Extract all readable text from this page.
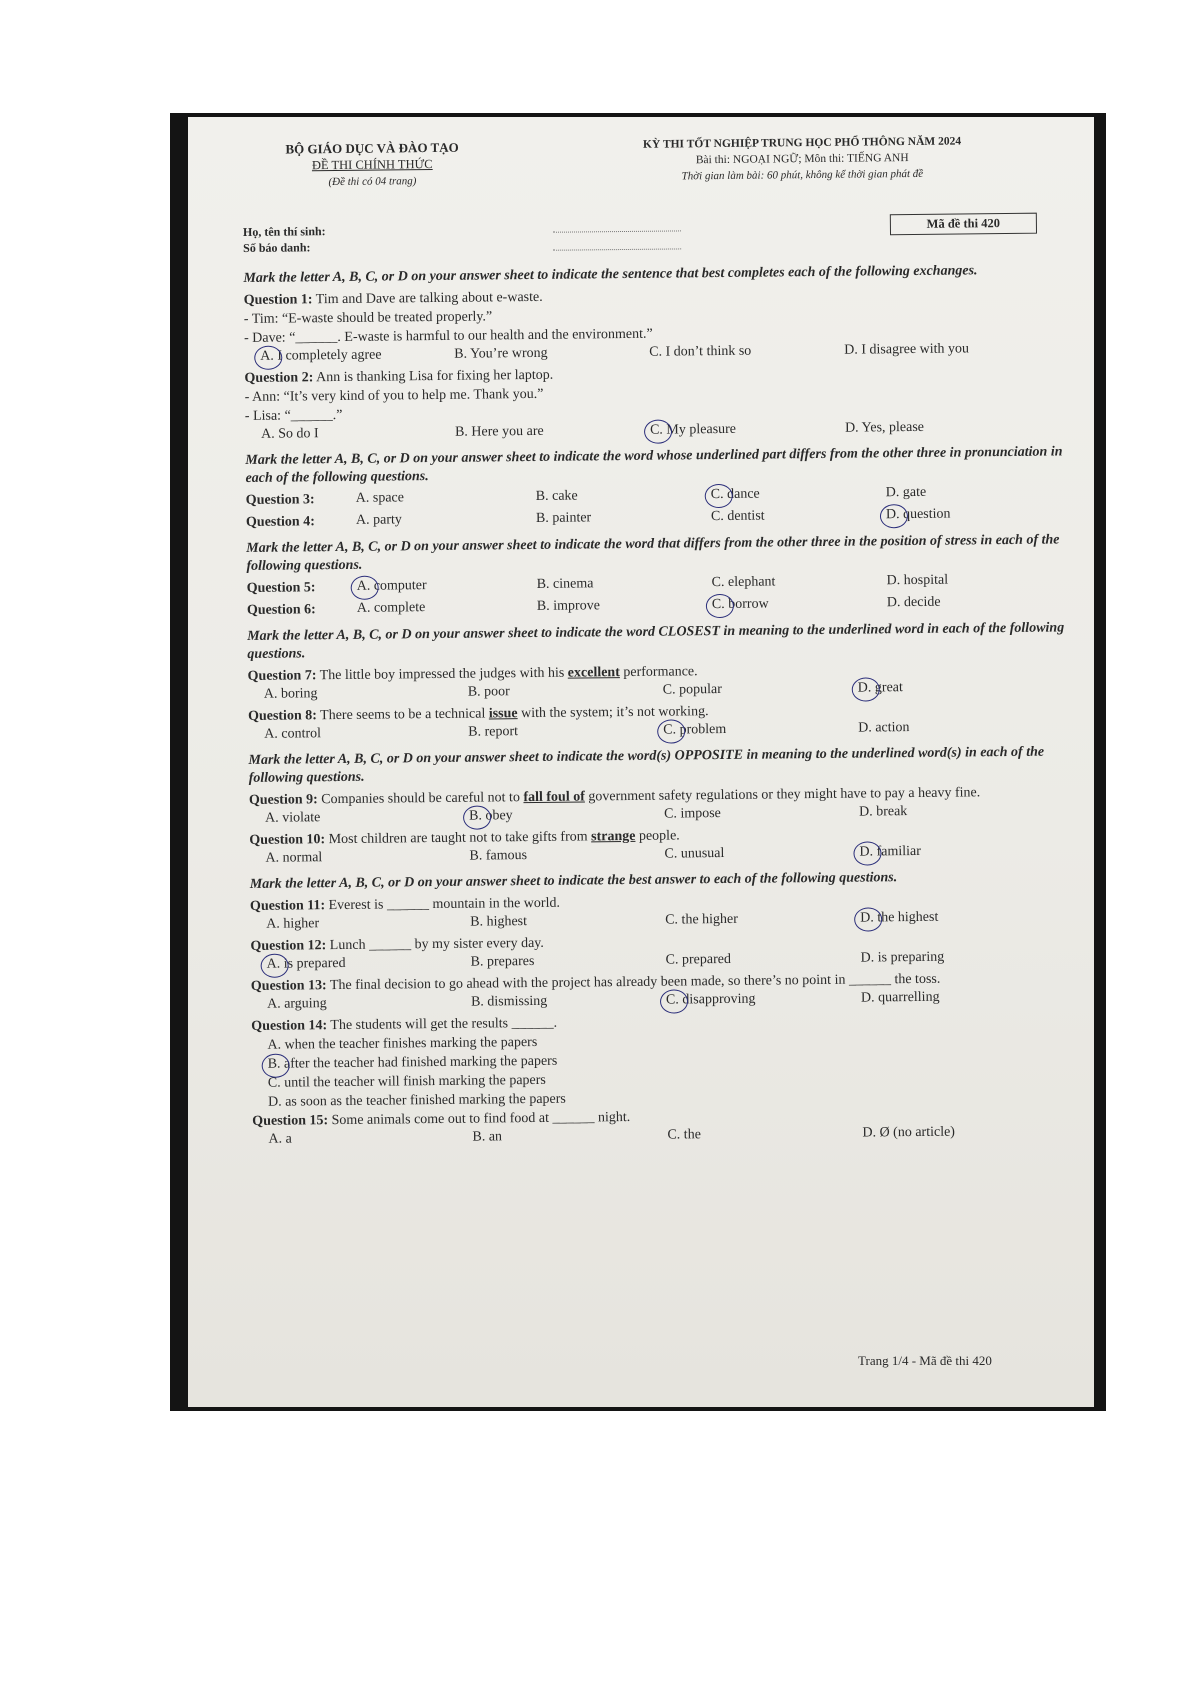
BỘ GIÁO DỤC VÀ ĐÀO TẠO
ĐỀ THI CHÍNH THỨC
(Đề thi có 04 trang)
KỲ THI TỐT NGHIỆP TRUNG HỌC PHỔ THÔNG NĂM 2024
Bài thi: NGOẠI NGỮ; Môn thi: TIẾNG ANH
Thời gian làm bài: 60 phút, không kể thời gian phát đề
Họ, tên thí sinh:
Số báo danh:
Mã đề thi 420
Mark the letter A, B, C, or D on your answer sheet to indicate the sentence that best completes each of the following exchanges.
Question 1: Tim and Dave are talking about e-waste.
- Tim: “E-waste should be treated properly.”
- Dave: “______. E-waste is harmful to our health and the environment.”
A. I completely agree	B. You’re wrong	C. I don’t think so	D. I disagree with you
Question 2: Ann is thanking Lisa for fixing her laptop.
- Ann: “It’s very kind of you to help me. Thank you.”
- Lisa: “______.”
A. So do I	B. Here you are	C. My pleasure	D. Yes, please
Mark the letter A, B, C, or D on your answer sheet to indicate the word whose underlined part differs from the other three in pronunciation in each of the following questions.
Question 3:	A. space	B. cake	C. dance	D. gate
Question 4:	A. party	B. painter	C. dentist	D. question
Mark the letter A, B, C, or D on your answer sheet to indicate the word that differs from the other three in the position of stress in each of the following questions.
Question 5:	A. computer	B. cinema	C. elephant	D. hospital
Question 6:	A. complete	B. improve	C. borrow	D. decide
Mark the letter A, B, C, or D on your answer sheet to indicate the word CLOSEST in meaning to the underlined word in each of the following questions.
Question 7: The little boy impressed the judges with his excellent performance.
A. boring	B. poor	C. popular	D. great
Question 8: There seems to be a technical issue with the system; it’s not working.
A. control	B. report	C. problem	D. action
Mark the letter A, B, C, or D on your answer sheet to indicate the word(s) OPPOSITE in meaning to the underlined word(s) in each of the following questions.
Question 9: Companies should be careful not to fall foul of government safety regulations or they might have to pay a heavy fine.
A. violate	B. obey	C. impose	D. break
Question 10: Most children are taught not to take gifts from strange people.
A. normal	B. famous	C. unusual	D. familiar
Mark the letter A, B, C, or D on your answer sheet to indicate the best answer to each of the following questions.
Question 11: Everest is ______ mountain in the world.
A. higher	B. highest	C. the higher	D. the highest
Question 12: Lunch ______ by my sister every day.
A. is prepared	B. prepares	C. prepared	D. is preparing
Question 13: The final decision to go ahead with the project has already been made, so there’s no point in ______ the toss.
A. arguing	B. dismissing	C. disapproving	D. quarrelling
Question 14: The students will get the results ______.
A. when the teacher finishes marking the papers
B. after the teacher had finished marking the papers
C. until the teacher will finish marking the papers
D. as soon as the teacher finished marking the papers
Question 15: Some animals come out to find food at ______ night.
A. a	B. an	C. the	D. Ø (no article)
Trang 1/4 - Mã đề thi 420
